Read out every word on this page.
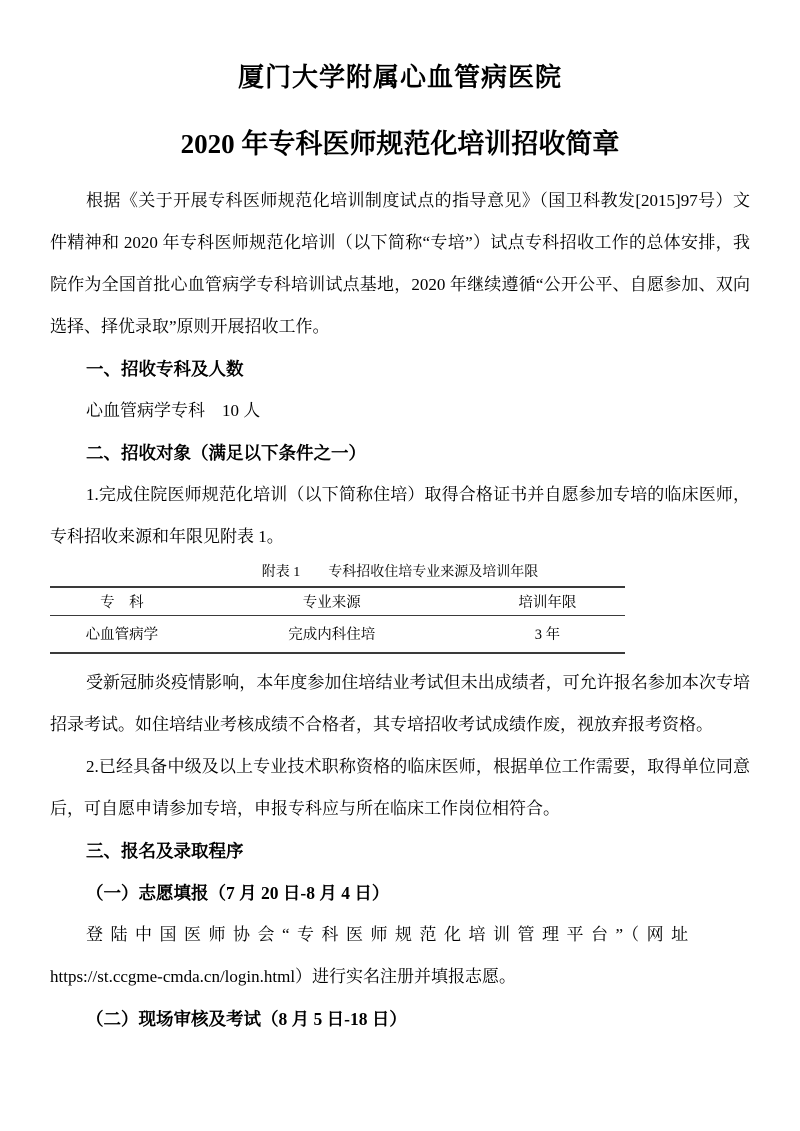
厦门大学附属心血管病医院
2020 年专科医师规范化培训招收简章

根据《关于开展专科医师规范化培训制度试点的指导意见》（国卫科教发[2015]97号）文件精神和 2020 年专科医师规范化培训（以下简称“专培”）试点专科招收工作的总体安排，我院作为全国首批心血管病学专科培训试点基地，2020 年继续遵循“公开公平、自愿参加、双向选择、择优录取”原则开展招收工作。

一、招收专科及人数

心血管病学专科　10 人

二、招收对象（满足以下条件之一）

1.完成住院医师规范化培训（以下简称住培）取得合格证书并自愿参加专培的临床医师，专科招收来源和年限见附表 1。

附表 1　　专科招收住培专业来源及培训年限
专　科	专业来源	培训年限
心血管病学	完成内科住培	3 年

受新冠肺炎疫情影响，本年度参加住培结业考试但未出成绩者，可允许报名参加本次专培招录考试。如住培结业考核成绩不合格者，其专培招收考试成绩作废，视放弃报考资格。

2.已经具备中级及以上专业技术职称资格的临床医师，根据单位工作需要，取得单位同意后，可自愿申请参加专培，申报专科应与所在临床工作岗位相符合。

三、报名及录取程序
（一）志愿填报（7 月 20 日-8 月 4 日）

登陆中国医师协会“专科医师规范化培训管理平台”（网址

https://st.ccgme-cmda.cn/login.html）进行实名注册并填报志愿。

（二）现场审核及考试（8 月 5 日-18 日）
